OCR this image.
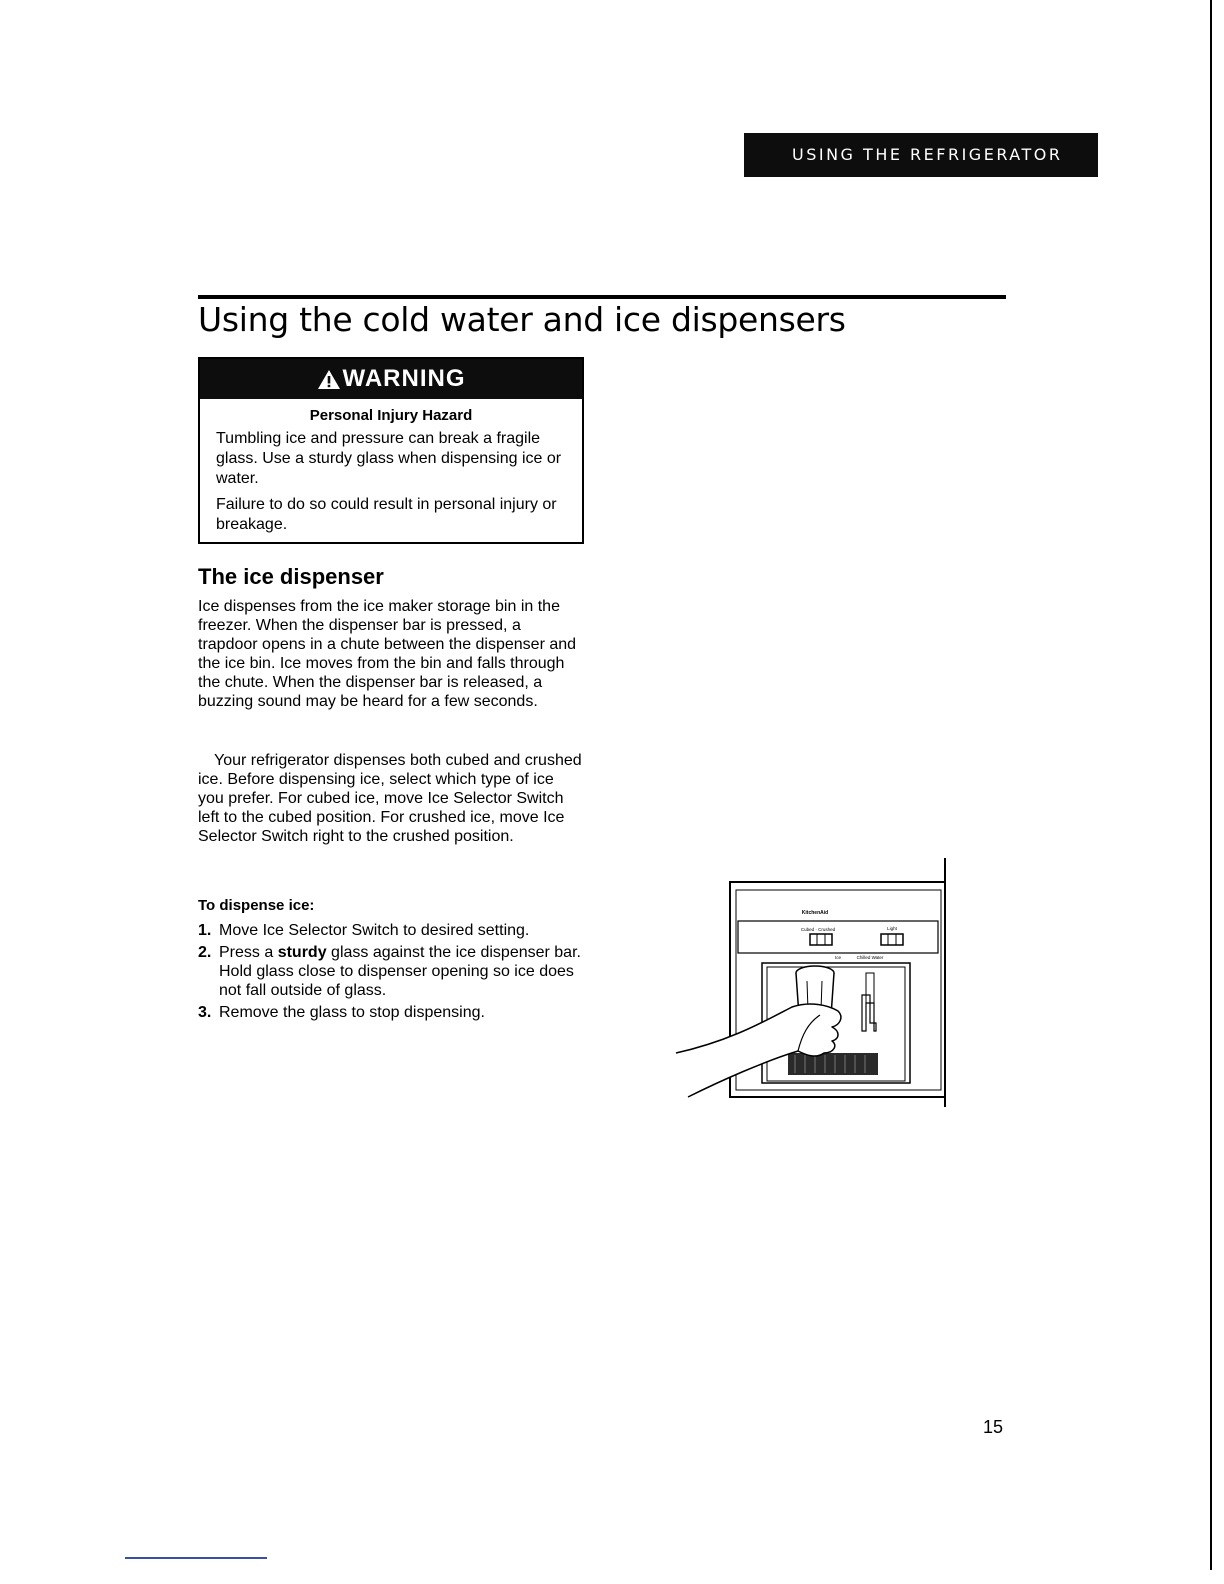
USING THE REFRIGERATOR
Using the cold water and ice dispensers
WARNING
Personal Injury Hazard

Tumbling ice and pressure can break a fragile glass. Use a sturdy glass when dispensing ice or water.

Failure to do so could result in personal injury or breakage.

The ice dispenser

Ice dispenses from the ice maker storage bin in the freezer. When the dispenser bar is pressed, a trapdoor opens in a chute between the dispenser and the ice bin. Ice moves from the bin and falls through the chute. When the dispenser bar is released, a buzzing sound may be heard for a few seconds.

Your refrigerator dispenses both cubed and crushed ice. Before dispensing ice, select which type of ice you prefer. For cubed ice, move Ice Selector Switch left to the cubed position. For crushed ice, move Ice Selector Switch right to the crushed position.

To dispense ice:
1. Move Ice Selector Switch to desired setting.
2. Press a sturdy glass against the ice dispenser bar. Hold glass close to dispenser opening so ice does not fall outside of glass.
3. Remove the glass to stop dispensing.
KitchenAid
Cubed · Crushed	Light
Ice	Chilled Water
15
